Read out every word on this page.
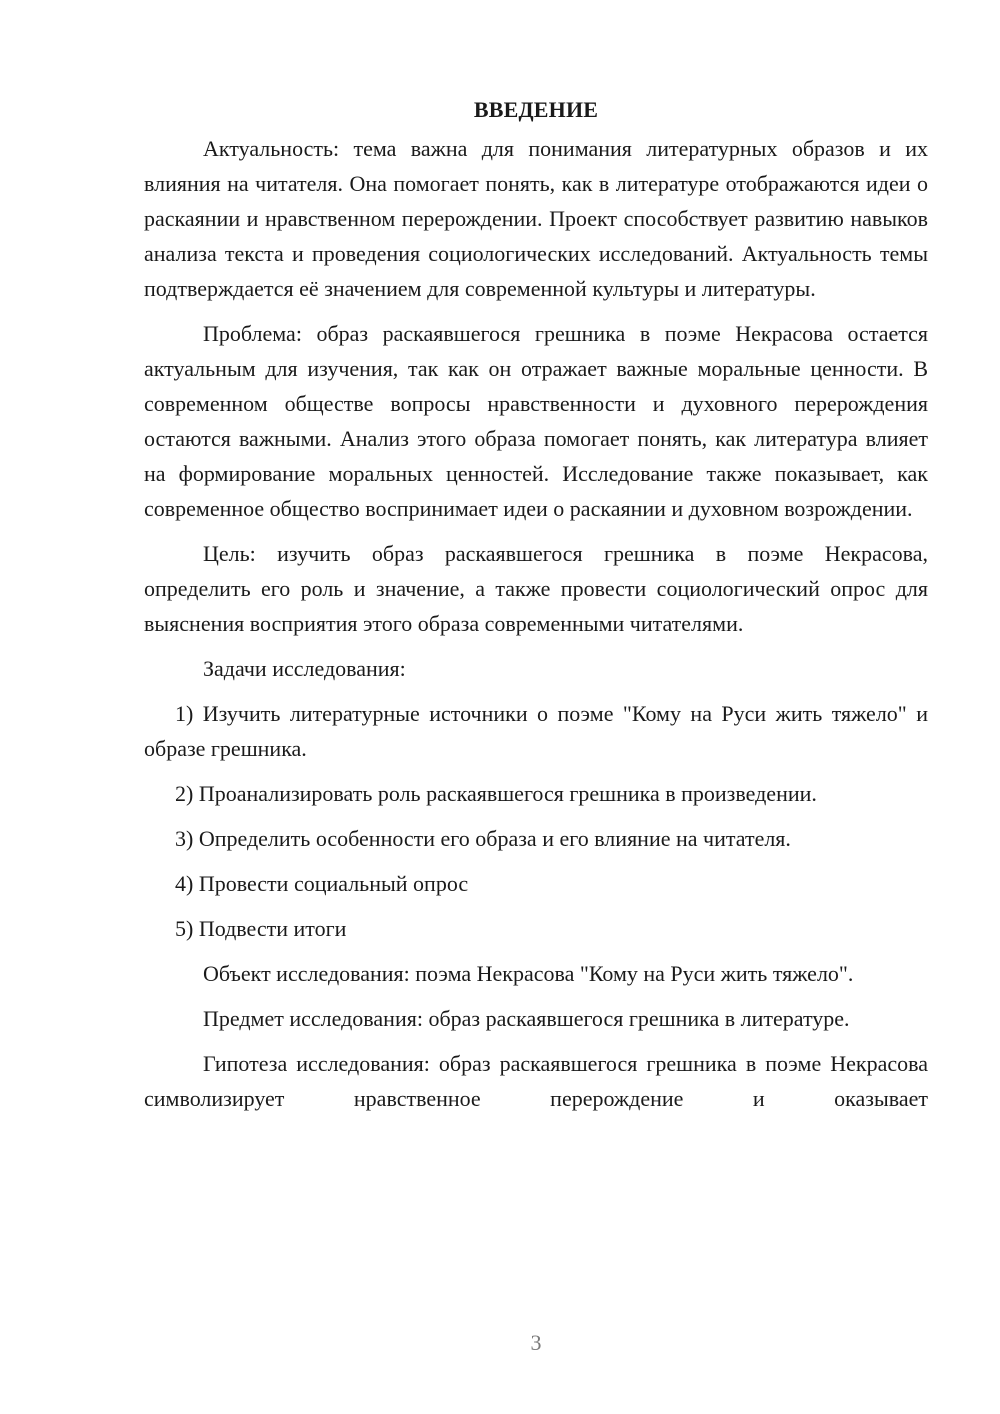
ВВЕДЕНИЕ

Актуальность: тема важна для понимания литературных образов и их влияния на читателя. Она помогает понять, как в литературе отображаются идеи о раскаянии и нравственном перерождении. Проект способствует развитию навыков анализа текста и проведения социологических исследований. Актуальность темы подтверждается её значением для современной культуры и литературы.

Проблема: образ раскаявшегося грешника в поэме Некрасова остается актуальным для изучения, так как он отражает важные моральные ценности. В современном обществе вопросы нравственности и духовного перерождения остаются важными. Анализ этого образа помогает понять, как литература влияет на формирование моральных ценностей. Исследование также показывает, как современное общество воспринимает идеи о раскаянии и духовном возрождении.

Цель: изучить образ раскаявшегося грешника в поэме Некрасова, определить его роль и значение, а также провести социологический опрос для выяснения восприятия этого образа современными читателями.

Задачи исследования:

1) Изучить литературные источники о поэме "Кому на Руси жить тяжело" и образе грешника.
2) Проанализировать роль раскаявшегося грешника в произведении.
3) Определить особенности его образа и его влияние на читателя.
4) Провести социальный опрос
5) Подвести итоги

Объект исследования: поэма Некрасова "Кому на Руси жить тяжело".

Предмет исследования: образ раскаявшегося грешника в литературе.

Гипотеза исследования: образ раскаявшегося грешника в поэме Некрасова символизирует нравственное перерождение и оказывает

3
